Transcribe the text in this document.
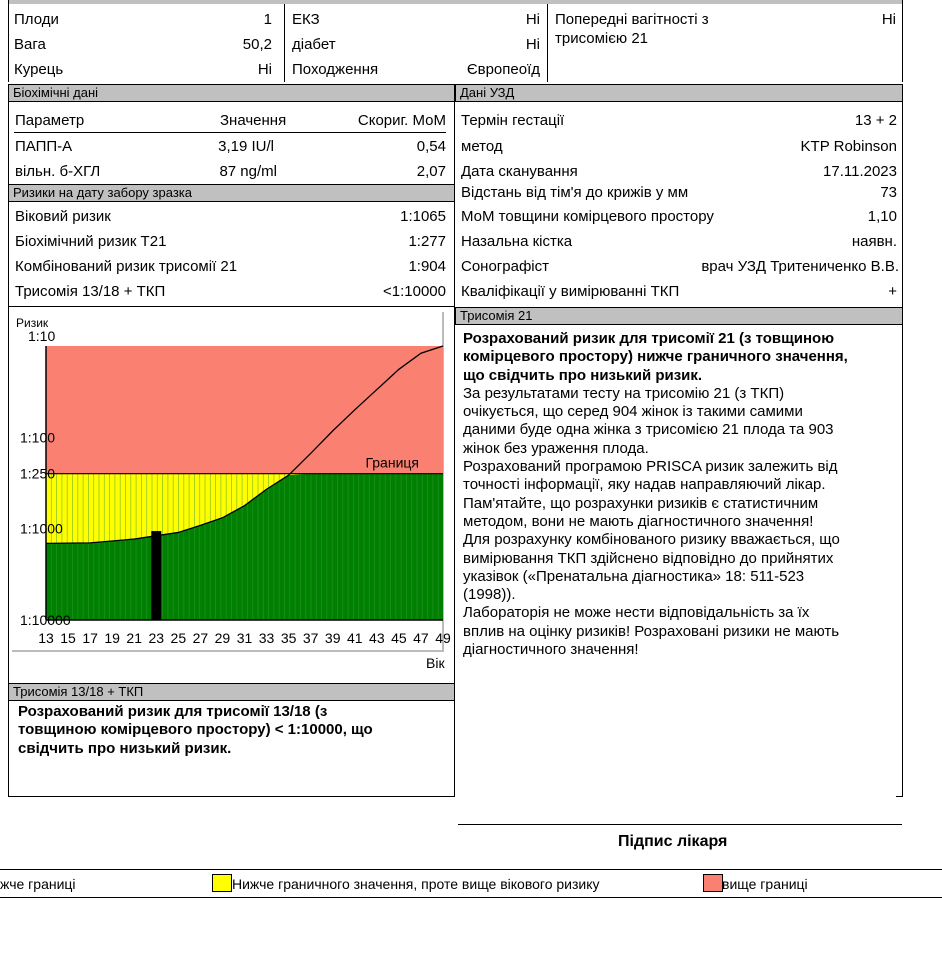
Плоди	1
Вага	50,2
Курець	Ні
ЕКЗ	Ні
діабет	Ні
Походження	Європеоїд
Попередні вагітності з
трисомією 21
Ні
Біохімічні дані
Параметр	Значення	Скориг. МоМ
ПАПП-А	3,19 IU/l	0,54
вільн. б-ХГЛ	87 ng/ml	2,07
Ризики на дату забору зразка
Віковий ризик	1:1065
Біохімічний ризик Т21	1:277
Комбінований ризик трисомії 21	1:904
Трисомія 13/18 + ТКП	<1:10000
Границя
1:100
1:250
1:1000
1:10000
13 15 17 19 21 23 25 27 29 31 33 35 37 39 41 43 45 47 49
Ризик
1:10
Вік
Трисомія 13/18 + ТКП
Розрахований ризик для трисомії 13/18 (з
товщиною комірцевого простору) < 1:10000, що
свідчить про низький ризик.
Дані УЗД
Термін гестації	13 + 2
метод	KTP Robinson
Дата сканування	17.11.2023
Відстань від тім'я до крижів у мм	73
МоМ товщини комірцевого простору	1,10
Назальна кістка	наявн.
Сонографіст	врач УЗД Тритениченко В.В.
Кваліфікації у вимірюванні ТКП	+
Трисомія 21
Розрахований ризик для трисомії 21 (з товщиною
комірцевого простору) нижче граничного значення,
що свідчить про низький ризик.
За результатами тесту на трисомію 21 (з ТКП)
очікується, що серед 904 жінок із такими самими
даними буде одна жінка з трисомією 21 плода та 903
жінок без ураження плода.
Розрахований програмою PRISCA ризик залежить від
точності інформації, яку надав направляючий лікар.
Пам'ятайте, що розрахунки ризиків є статистичним
методом, вони не мають діагностичного значення!
Для розрахунку комбінованого ризику вважається, що
вимірювання ТКП здійснено відповідно до прийнятих
указівок («Пренатальна діагностика» 18: 511-523
(1998)).
Лабораторія не може нести відповідальність за їх
вплив на оцінку ризиків! Розраховані ризики не мають
діагностичного значення!
Підпис лікаря
жче границі	Нижче граничного значення, проте вище вікового ризику	вище границі
